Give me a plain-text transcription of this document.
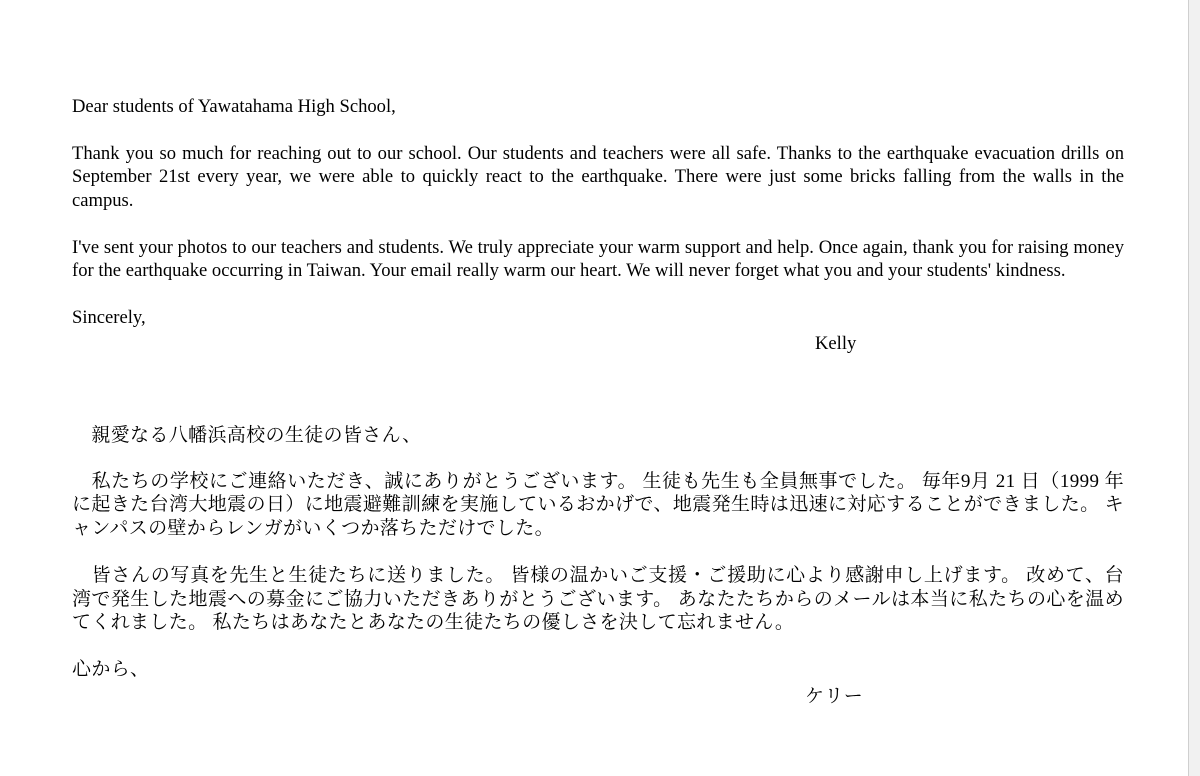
Dear students of Yawatahama High School,

Thank you so much for reaching out to our school. Our students and teachers were all safe. Thanks to the earthquake evacuation drills on September 21st every year, we were able to quickly react to the earthquake. There were just some bricks falling from the walls in the campus.

I've sent your photos to our teachers and students. We truly appreciate your warm support and help. Once again, thank you for raising money for the earthquake occurring in Taiwan. Your email really warm our heart. We will never forget what you and your students' kindness.

Sincerely,

Kelly

　親愛なる八幡浜高校の生徒の皆さん、

　私たちの学校にご連絡いただき、誠にありがとうございます。 生徒も先生も全員無事でした。 毎年9月 21 日（1999 年に起きた台湾大地震の日）に地震避難訓練を実施しているおかげで、地震発生時は迅速に対応することができました。 キャンパスの壁からレンガがいくつか落ちただけでした。

　皆さんの写真を先生と生徒たちに送りました。 皆様の温かいご支援・ご援助に心より感謝申し上げます。 改めて、台湾で発生した地震への募金にご協力いただきありがとうございます。 あなたたちからのメールは本当に私たちの心を温めてくれました。 私たちはあなたとあなたの生徒たちの優しさを決して忘れません。

心から、

ケリー
